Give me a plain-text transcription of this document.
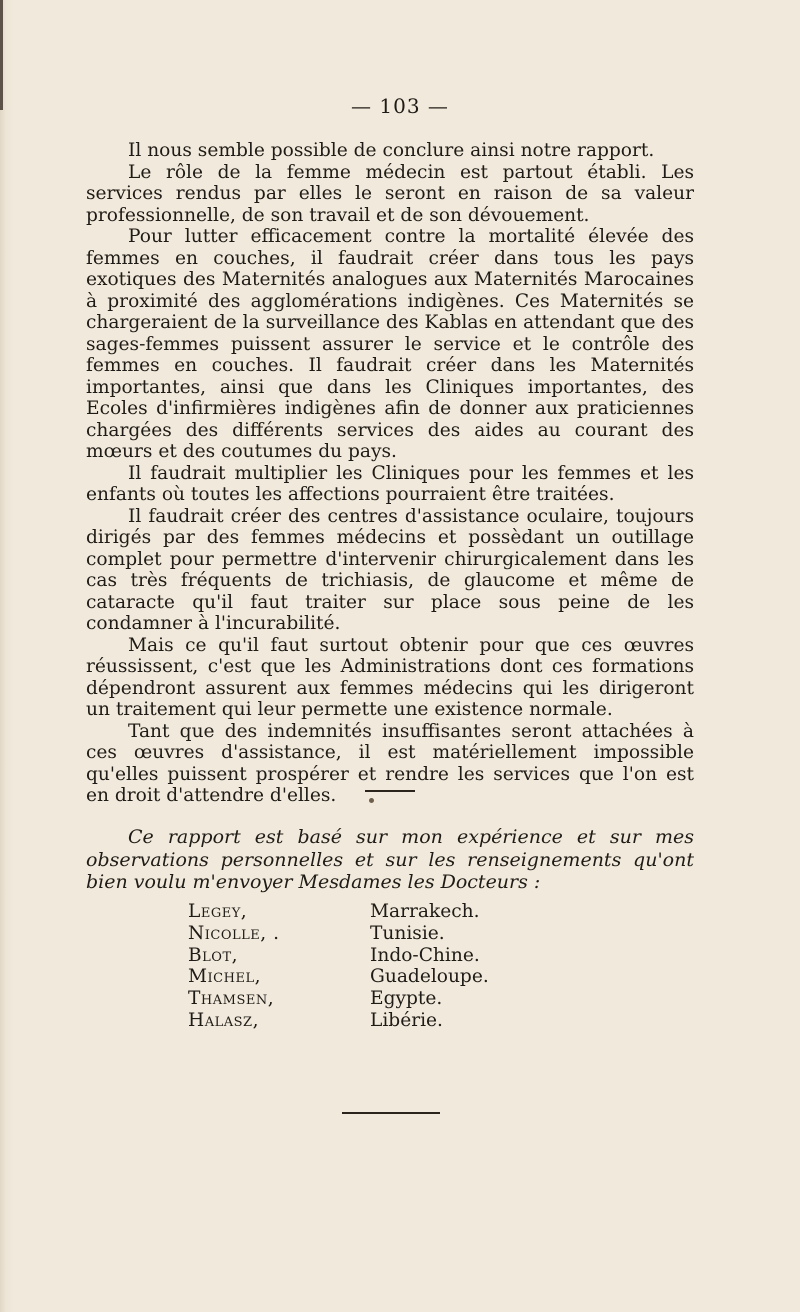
— 103 —

Il nous semble possible de conclure ainsi notre rapport.

Le rôle de la femme médecin est partout établi. Les services rendus par elles le seront en raison de sa valeur professionnelle, de son travail et de son dévouement.

Pour lutter efficacement contre la mortalité élevée des femmes en couches, il faudrait créer dans tous les pays exotiques des Maternités analogues aux Maternités Marocaines à proximité des agglomérations indigènes. Ces Maternités se chargeraient de la surveillance des Kablas en attendant que des sages-femmes puissent assurer le service et le contrôle des femmes en couches. Il faudrait créer dans les Maternités importantes, ainsi que dans les Cliniques importantes, des Ecoles d'infirmières indigènes afin de donner aux praticiennes chargées des différents services des aides au courant des mœurs et des coutumes du pays.

Il faudrait multiplier les Cliniques pour les femmes et les enfants où toutes les affections pourraient être traitées.

Il faudrait créer des centres d'assistance oculaire, toujours dirigés par des femmes médecins et possèdant un outillage complet pour permettre d'intervenir chirurgicalement dans les cas très fréquents de trichiasis, de glaucome et même de cataracte qu'il faut traiter sur place sous peine de les condamner à l'incurabilité.

Mais ce qu'il faut surtout obtenir pour que ces œuvres réussissent, c'est que les Administrations dont ces formations dépendront assurent aux femmes médecins qui les dirigeront un traitement qui leur permette une existence normale.

Tant que des indemnités insuffisantes seront attachées à ces œuvres d'assistance, il est matériellement impossible qu'elles puissent prospérer et rendre les services que l'on est en droit d'attendre d'elles.

Ce rapport est basé sur mon expérience et sur mes observations personnelles et sur les renseignements qu'ont bien voulu m'envoyer Mesdames les Docteurs :

Legey,	Marrakech.
Nicolle, .	Tunisie.
Blot,	Indo-Chine.
Michel,	Guadeloupe.
Thamsen,	Egypte.
Halasz,	Libérie.
